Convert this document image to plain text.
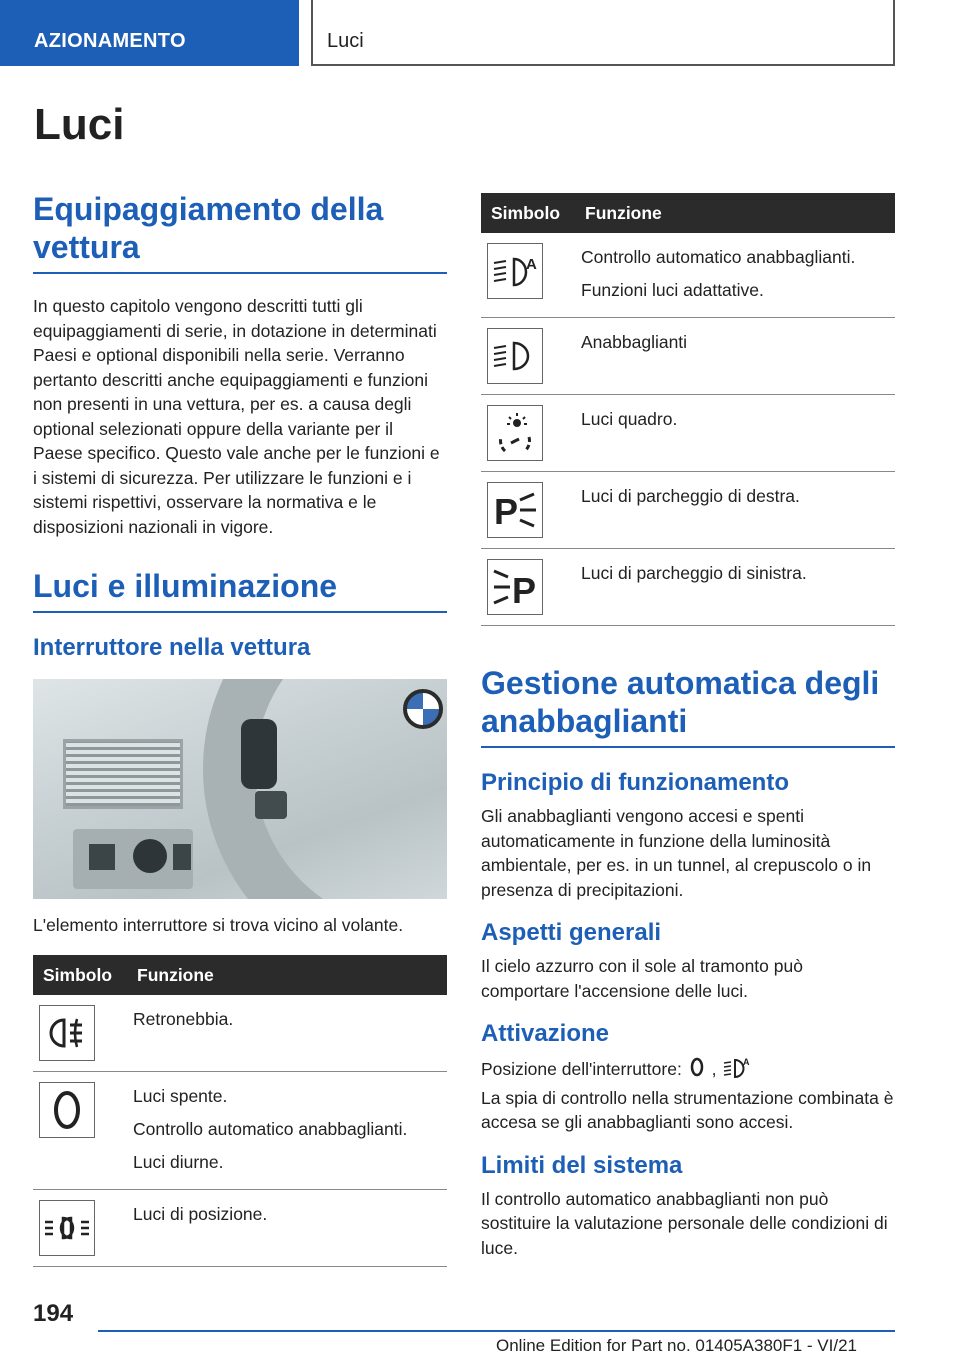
AZIONAMENTO	Luci
Luci
Equipaggiamento della vettura

In questo capitolo vengono descritti tutti gli equipaggiamenti di serie, in dotazione in determinati Paesi e optional disponibili nella serie. Verranno pertanto descritti anche equipaggiamenti e funzioni non presenti in una vettura, per es. a causa degli optional selezionati oppure della variante per il Paese specifico. Questo vale anche per le funzioni e i sistemi di sicurezza. Per utilizzare le funzioni e i sistemi rispettivi, osservare la normativa e le disposizioni nazionali in vigore.

Luci e illuminazione
Interruttore nella vettura

L'elemento interruttore si trova vicino al volante.

Simbolo	Funzione

Retronebbia.

Luci spente.
Controllo automatico anabbaglianti.
Luci diurne.

Luci di posizione.
Simbolo	Funzione

A	Controllo automatico anabbaglianti.
Funzioni luci adattative.

Anabbaglianti

Luci quadro.

P	Luci di parcheggio di destra.

P	Luci di parcheggio di sinistra.
Gestione automatica degli anabbaglianti
Principio di funzionamento

Gli anabbaglianti vengono accesi e spenti automaticamente in funzione della luminosità ambientale, per es. in un tunnel, al crepuscolo o in presenza di precipitazioni.

Aspetti generali

Il cielo azzurro con il sole al tramonto può comportare l'accensione delle luci.

Attivazione

Posizione dell'interruttore: ,	A

La spia di controllo nella strumentazione combinata è accesa se gli anabbaglianti sono accesi.

Limiti del sistema

Il controllo automatico anabbaglianti non può sostituire la valutazione personale delle condizioni di luce.

194
Online Edition for Part no. 01405A380F1 - VI/21
